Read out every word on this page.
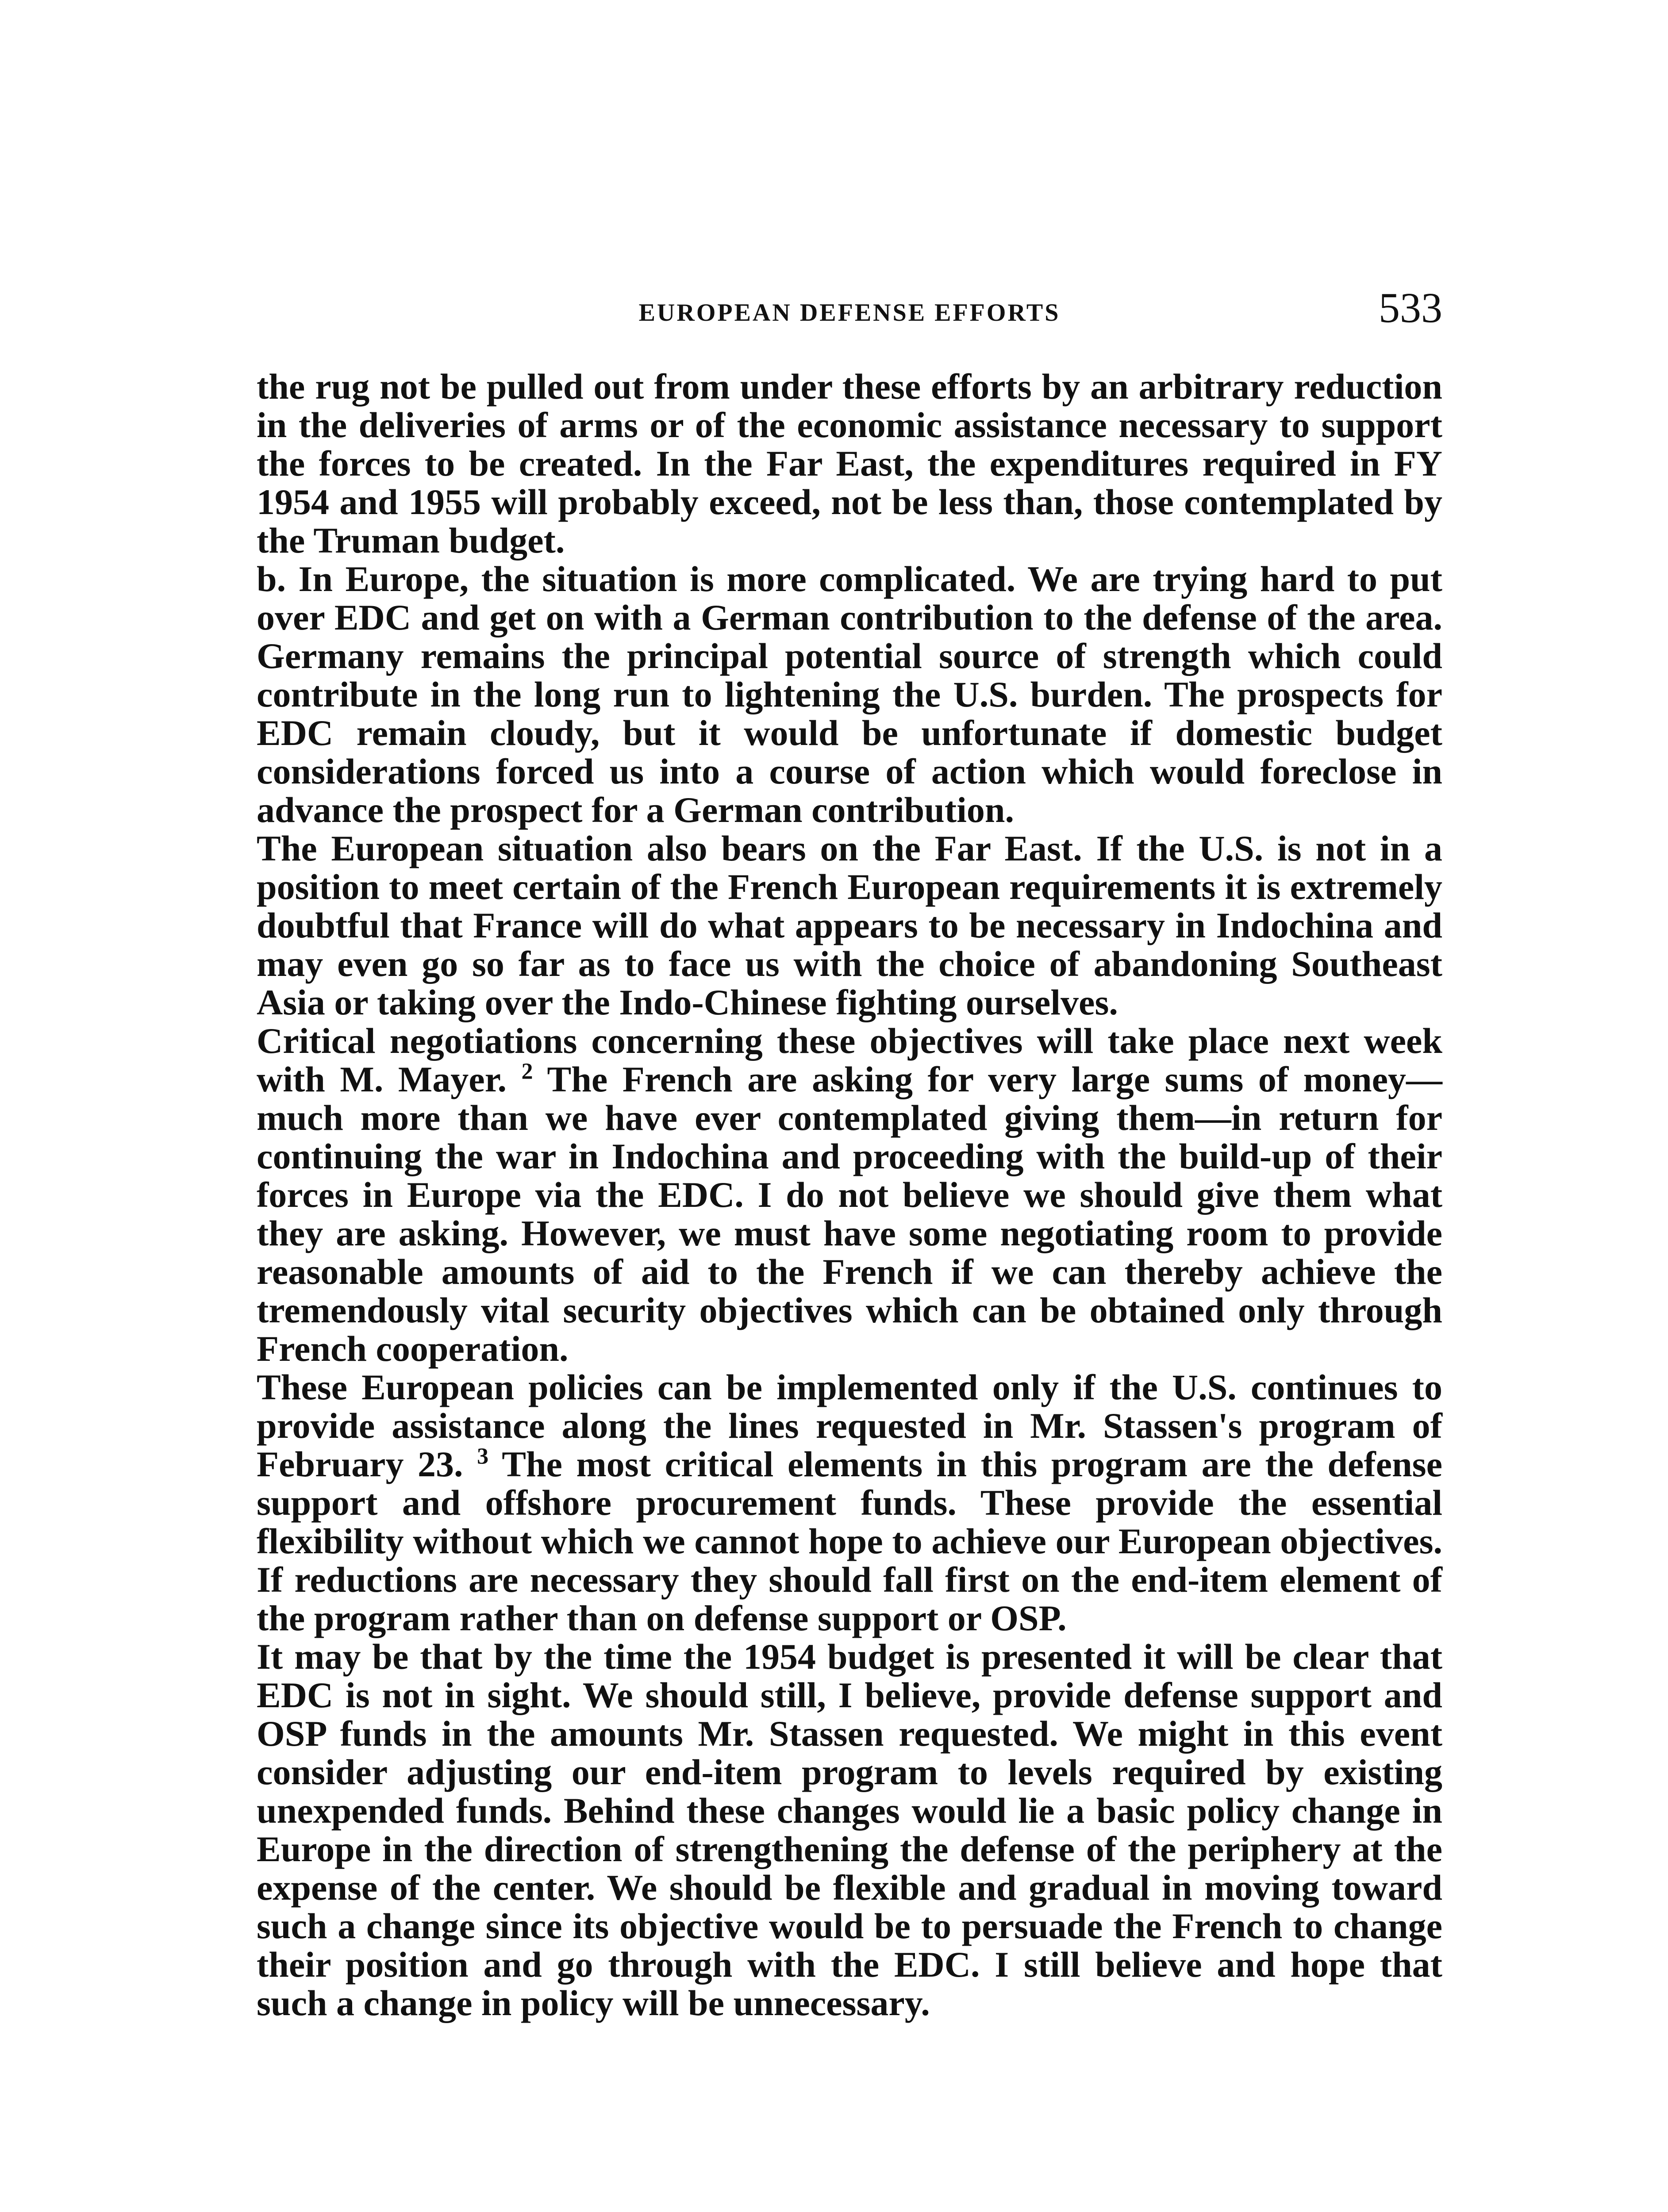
EUROPEAN DEFENSE EFFORTS	533

the rug not be pulled out from under these efforts by an arbitrary reduction in the deliveries of arms or of the economic assistance necessary to support the forces to be created. In the Far East, the expenditures required in FY 1954 and 1955 will probably exceed, not be less than, those contemplated by the Truman budget.

b. In Europe, the situation is more complicated. We are trying hard to put over EDC and get on with a German contribution to the defense of the area. Germany remains the principal potential source of strength which could contribute in the long run to lightening the U.S. burden. The prospects for EDC remain cloudy, but it would be unfortunate if domestic budget considerations forced us into a course of action which would foreclose in advance the prospect for a German contribution.

The European situation also bears on the Far East. If the U.S. is not in a position to meet certain of the French European requirements it is extremely doubtful that France will do what appears to be necessary in Indochina and may even go so far as to face us with the choice of abandoning Southeast Asia or taking over the Indo-Chinese fighting ourselves.

Critical negotiations concerning these objectives will take place next week with M. Mayer. $^2$ The French are asking for very large sums of money—much more than we have ever contemplated giving them—in return for continuing the war in Indochina and proceeding with the build-up of their forces in Europe via the EDC. I do not believe we should give them what they are asking. However, we must have some negotiating room to provide reasonable amounts of aid to the French if we can thereby achieve the tremendously vital security objectives which can be obtained only through French cooperation.

These European policies can be implemented only if the U.S. continues to provide assistance along the lines requested in Mr. Stassen's program of February 23. $^3$ The most critical elements in this program are the defense support and offshore procurement funds. These provide the essential flexibility without which we cannot hope to achieve our European objectives. If reductions are necessary they should fall first on the end-item element of the program rather than on defense support or OSP.

It may be that by the time the 1954 budget is presented it will be clear that EDC is not in sight. We should still, I believe, provide defense support and OSP funds in the amounts Mr. Stassen requested. We might in this event consider adjusting our end-item program to levels required by existing unexpended funds. Behind these changes would lie a basic policy change in Europe in the direction of strengthening the defense of the periphery at the expense of the center. We should be flexible and gradual in moving toward such a change since its objective would be to persuade the French to change their position and go through with the EDC. I still believe and hope that such a change in policy will be unnecessary.
